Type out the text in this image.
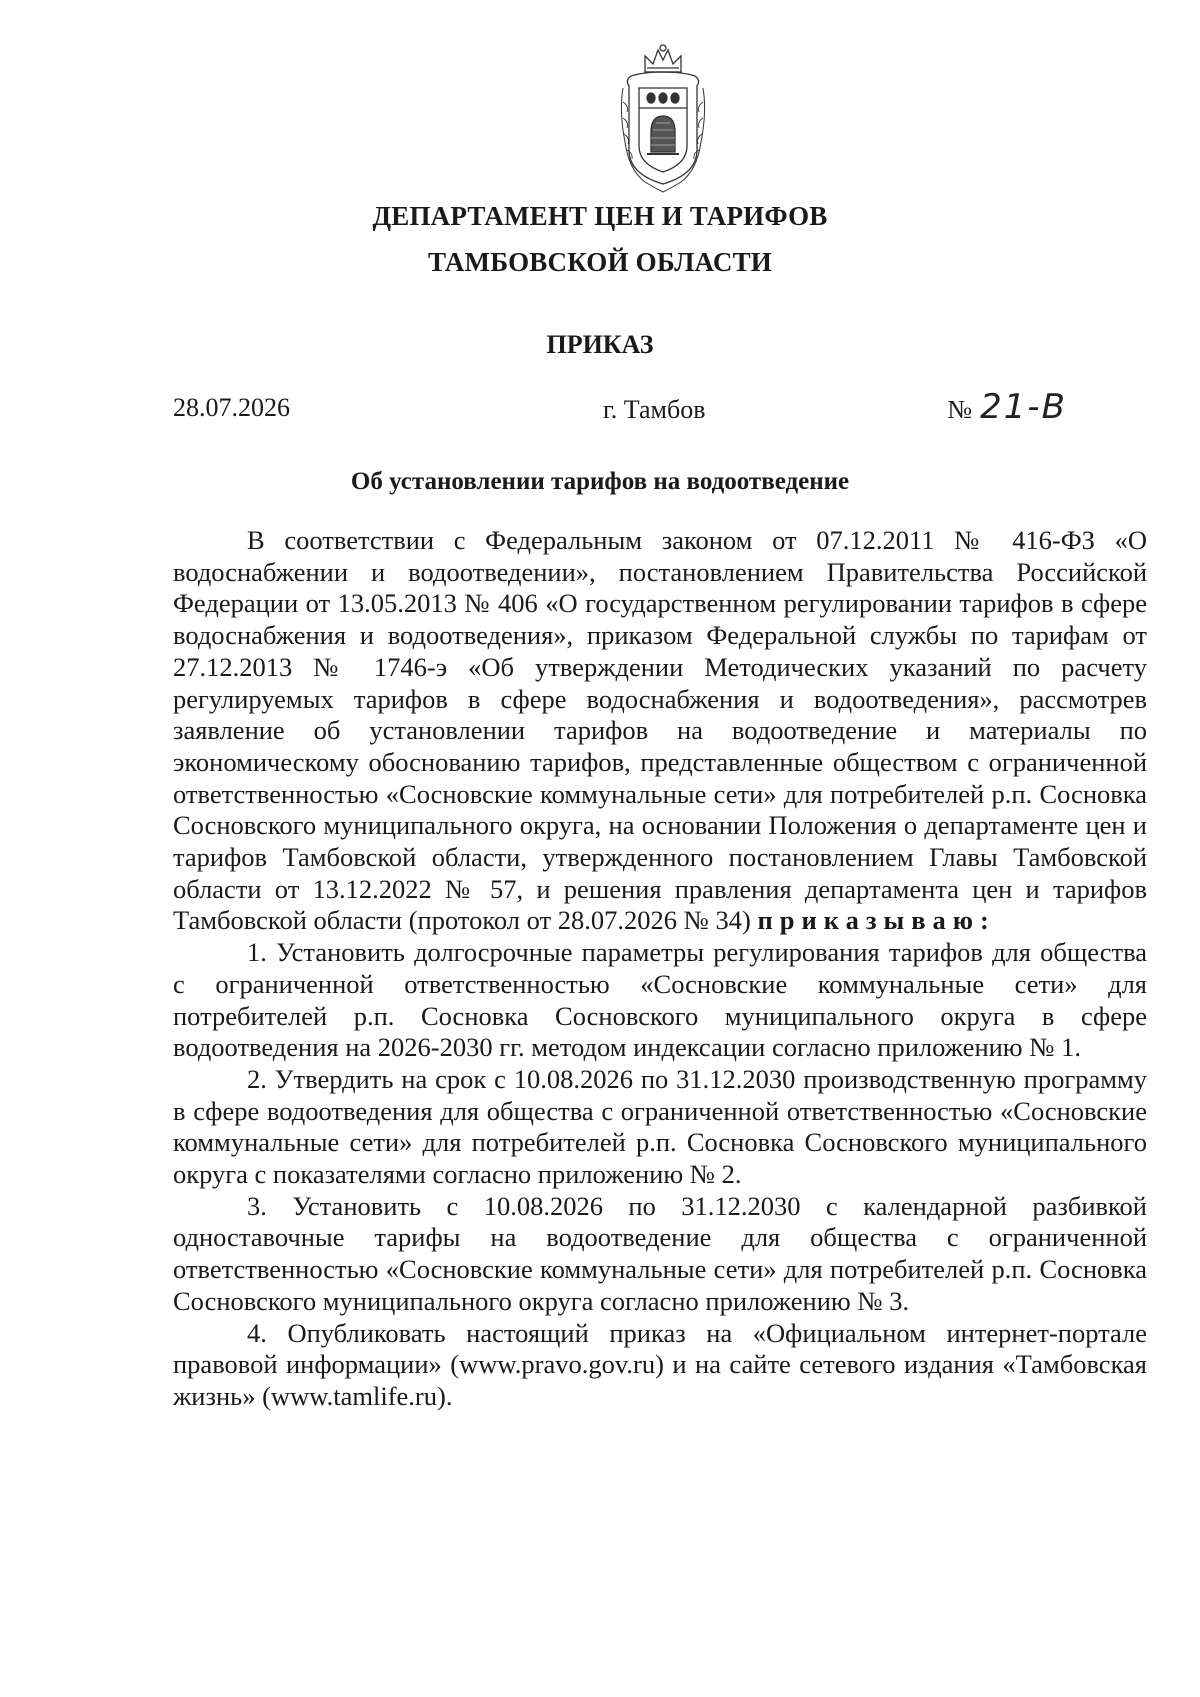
ДЕПАРТАМЕНТ ЦЕН И ТАРИФОВ
ТАМБОВСКОЙ ОБЛАСТИ
ПРИКАЗ
28.07.2026	г. Тамбов	№ 21-В
Об установлении тарифов на водоотведение

В соответствии с Федеральным законом от 07.12.2011 № 416-ФЗ «О водоснабжении и водоотведении», постановлением Правительства Российской Федерации от 13.05.2013 № 406 «О государственном регулировании тарифов в сфере водоснабжения и водоотведения», приказом Федеральной службы по тарифам от 27.12.2013 № 1746-э «Об утверждении Методических указаний по расчету регулируемых тарифов в сфере водоснабжения и водоотведения», рассмотрев заявление об установлении тарифов на водоотведение и материалы по экономическому обоснованию тарифов, представленные обществом с ограниченной ответственностью «Сосновские коммунальные сети» для потребителей р.п. Сосновка Сосновского муниципального округа, на основании Положения о департаменте цен и тарифов Тамбовской области, утвержденного постановлением Главы Тамбовской области от 13.12.2022 № 57, и решения правления департамента цен и тарифов Тамбовской области (протокол от 28.07.2026 № 34) приказываю:

1. Установить долгосрочные параметры регулирования тарифов для общества с ограниченной ответственностью «Сосновские коммунальные сети» для потребителей р.п. Сосновка Сосновского муниципального округа в сфере водоотведения на 2026-2030 гг. методом индексации согласно приложению № 1.

2. Утвердить на срок с 10.08.2026 по 31.12.2030 производственную программу в сфере водоотведения для общества с ограниченной ответственностью «Сосновские коммунальные сети» для потребителей р.п. Сосновка Сосновского муниципального округа с показателями согласно приложению № 2.

3. Установить с 10.08.2026 по 31.12.2030 с календарной разбивкой одноставочные тарифы на водоотведение для общества с ограниченной ответственностью «Сосновские коммунальные сети» для потребителей р.п. Сосновка Сосновского муниципального округа согласно приложению № 3.

4. Опубликовать настоящий приказ на «Официальном интернет-портале правовой информации» (www.pravo.gov.ru) и на сайте сетевого издания «Тамбовская жизнь» (www.tamlife.ru).
